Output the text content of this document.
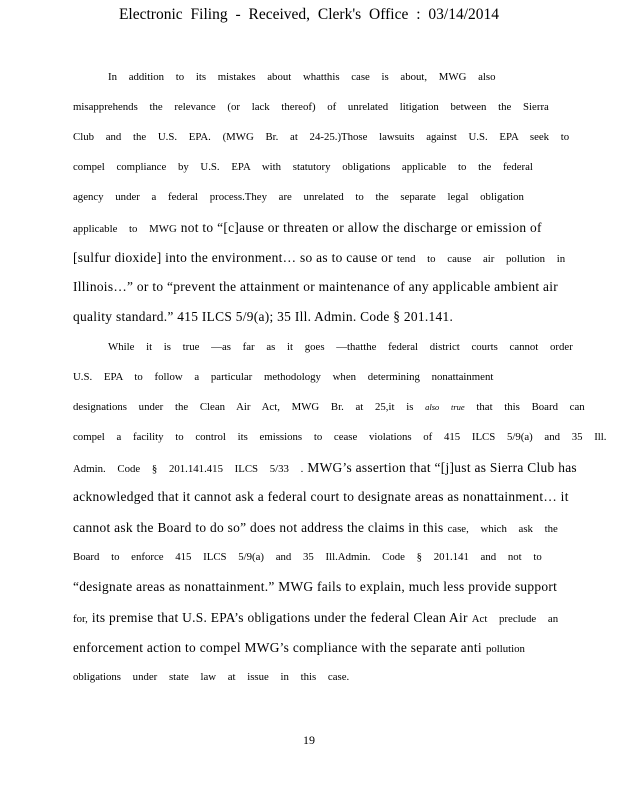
Electronic Filing - Received, Clerk's Office : 03/14/2014
In addition to its mistakes about whatthis case is about, MWG also
misapprehends the relevance (or lack thereof) of unrelated litigation between the Sierra
Club and the U.S. EPA. (MWG Br. at 24-25.)Those lawsuits against U.S. EPA seek to
compel compliance by U.S. EPA with statutory obligations applicable to the federal
agency under a federal process.They are unrelated to the separate legal obligation
applicable to MWG not to “[c]ause or threaten or allow the discharge or emission of
[sulfur dioxide] into the environment… so as to cause or tend to cause air pollution in
Illinois…” or to “prevent the attainment or maintenance of any applicable ambient air
quality standard.” 415 ILCS 5/9(a); 35 Ill. Admin. Code § 201.141.
While it is true —as far as it goes —thatthe federal district courts cannot order
U.S. EPA to follow a particular methodology when determining nonattainment
designations under the Clean Air Act, MWG Br. at 25,it is also true that this Board can
compel a facility to control its emissions to cease violations of 415 ILCS 5/9(a) and 35 Ill.
Admin. Code § 201.141.415 ILCS 5/33 . MWG’s assertion that “[j]ust as Sierra Club has
acknowledged that it cannot ask a federal court to designate areas as nonattainment… it
cannot ask the Board to do so” does not address the claims in this case, which ask the
Board to enforce 415 ILCS 5/9(a) and 35 Ill.Admin. Code § 201.141 and not to
“designate areas as nonattainment.” MWG fails to explain, much less provide support
for, its premise that U.S. EPA’s obligations under the federal Clean Air Act preclude an
enforcement action to compel MWG’s compliance with the separate anti pollution
obligations under state law at issue in this case.
19
